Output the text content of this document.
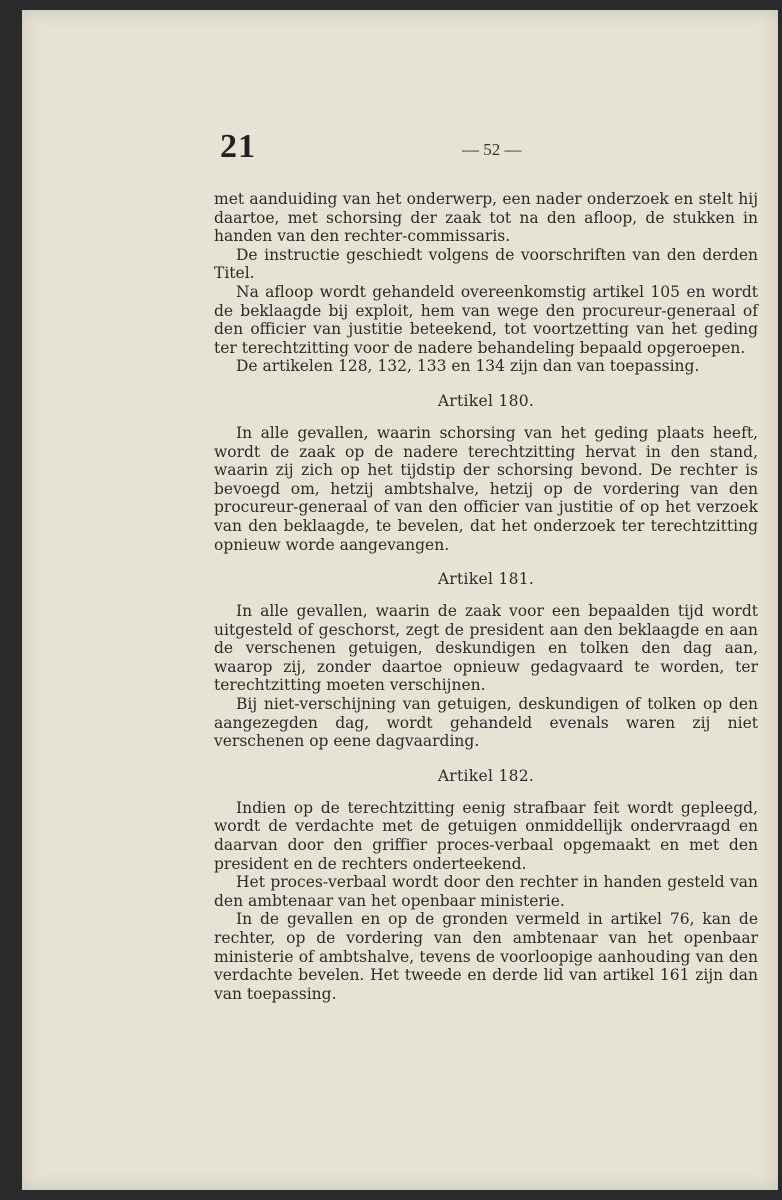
21	— 52 —

met aanduiding van het onderwerp, een nader onderzoek en stelt hij daartoe, met schorsing der zaak tot na den afloop, de stukken in handen van den rechter-commissaris.

De instructie geschiedt volgens de voorschriften van den derden Titel.

Na afloop wordt gehandeld overeenkomstig artikel 105 en wordt de beklaagde bij exploit, hem van wege den procureur-generaal of den officier van justitie beteekend, tot voortzetting van het geding ter terechtzitting voor de nadere behandeling bepaald opgeroepen.

De artikelen 128, 132, 133 en 134 zijn dan van toepassing.

Artikel 180.

In alle gevallen, waarin schorsing van het geding plaats heeft, wordt de zaak op de nadere terechtzitting hervat in den stand, waarin zij zich op het tijdstip der schorsing bevond. De rechter is bevoegd om, hetzij ambtshalve, hetzij op de vordering van den procureur-generaal of van den officier van justitie of op het verzoek van den beklaagde, te bevelen, dat het onderzoek ter terechtzitting opnieuw worde aangevangen.

Artikel 181.

In alle gevallen, waarin de zaak voor een bepaalden tijd wordt uitgesteld of geschorst, zegt de president aan den beklaagde en aan de verschenen getuigen, deskundigen en tolken den dag aan, waarop zij, zonder daartoe opnieuw gedagvaard te worden, ter terechtzitting moeten verschijnen.

Bij niet-verschijning van getuigen, deskundigen of tolken op den aangezegden dag, wordt gehandeld evenals waren zij niet verschenen op eene dagvaarding.

Artikel 182.

Indien op de terechtzitting eenig strafbaar feit wordt gepleegd, wordt de verdachte met de getuigen onmiddellijk ondervraagd en daarvan door den griffier proces-verbaal opgemaakt en met den president en de rechters onderteekend.

Het proces-verbaal wordt door den rechter in handen gesteld van den ambtenaar van het openbaar ministerie.

In de gevallen en op de gronden vermeld in artikel 76, kan de rechter, op de vordering van den ambtenaar van het openbaar ministerie of ambtshalve, tevens de voorloopige aanhouding van den verdachte bevelen. Het tweede en derde lid van artikel 161 zijn dan van toepassing.
